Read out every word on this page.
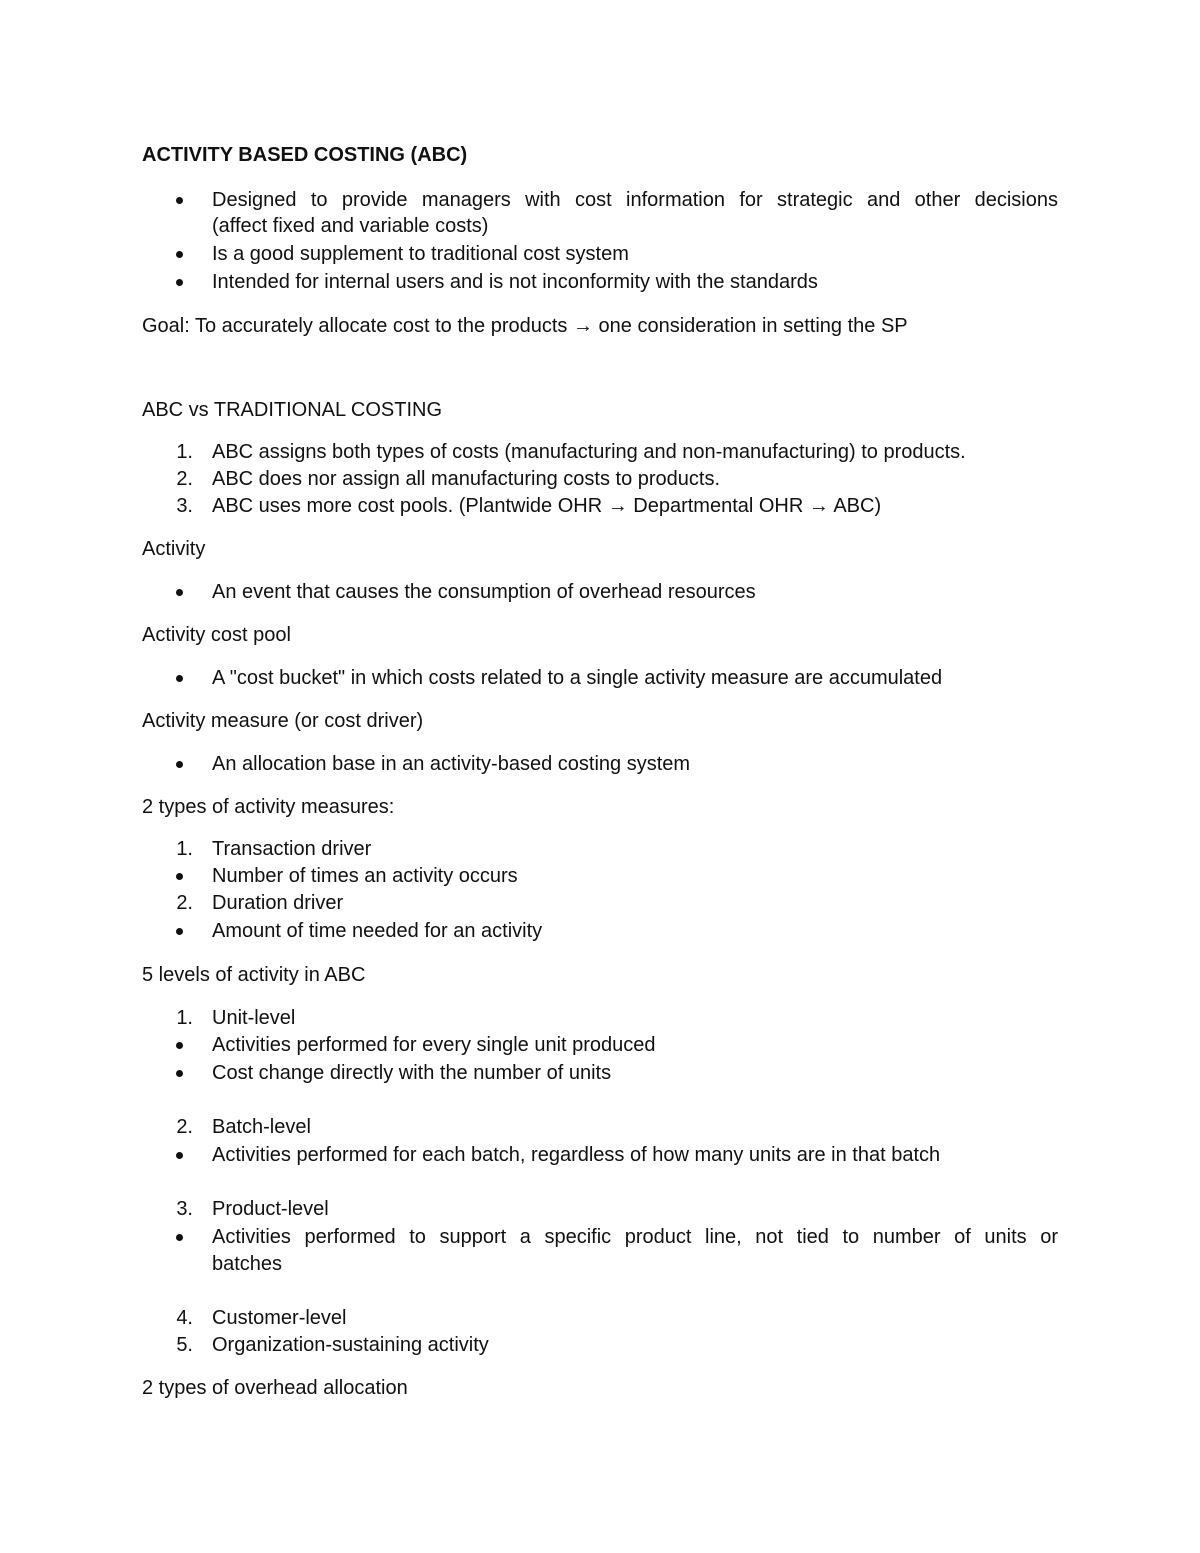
ACTIVITY BASED COSTING (ABC)
Designed to provide managers with cost information for strategic and other decisions
(affect fixed and variable costs)
Is a good supplement to traditional cost system
Intended for internal users and is not inconformity with the standards
Goal: To accurately allocate cost to the products → one consideration in setting the SP
ABC vs TRADITIONAL COSTING
1. ABC assigns both types of costs (manufacturing and non-manufacturing) to products.
2. ABC does nor assign all manufacturing costs to products.
3. ABC uses more cost pools. (Plantwide OHR → Departmental OHR → ABC)
Activity
An event that causes the consumption of overhead resources
Activity cost pool
A "cost bucket" in which costs related to a single activity measure are accumulated
Activity measure (or cost driver)
An allocation base in an activity-based costing system
2 types of activity measures:
1. Transaction driver
Number of times an activity occurs
2. Duration driver
Amount of time needed for an activity
5 levels of activity in ABC
1. Unit-level
Activities performed for every single unit produced
Cost change directly with the number of units
2. Batch-level
Activities performed for each batch, regardless of how many units are in that batch
3. Product-level
Activities performed to support a specific product line, not tied to number of units or
batches
4. Customer-level
5. Organization-sustaining activity
2 types of overhead allocation
